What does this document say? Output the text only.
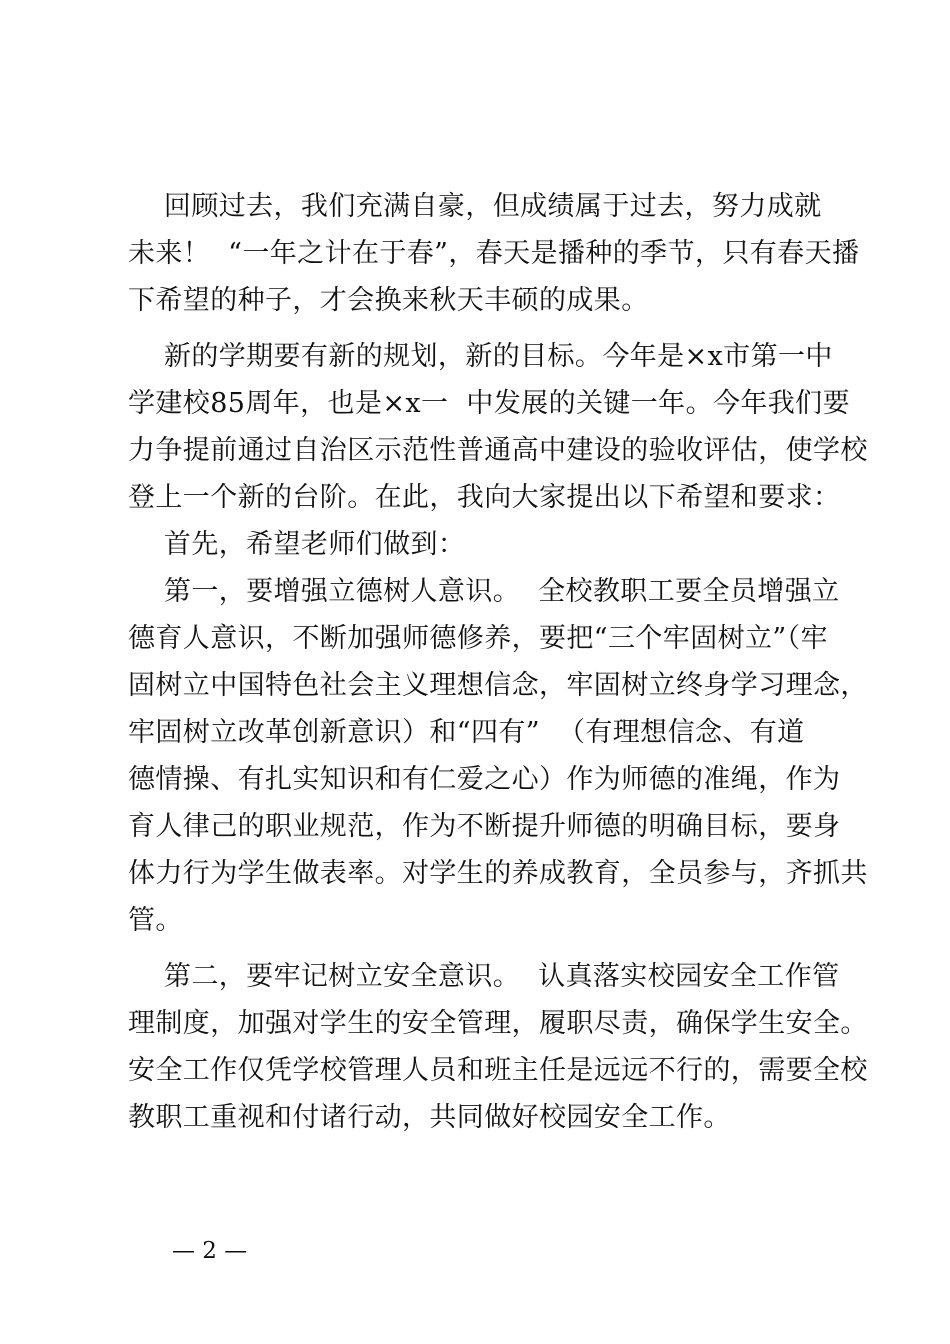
回顾过去，我们充满自豪，但成绩属于过去，努力成就
未来！  “一年之计在于春”，春天是播种的季节，只有春天播
下希望的种子，才会换来秋天丰硕的成果。
新的学期要有新的规划，新的目标。今年是×x市第一中
学建校85周年，也是×x一  中发展的关键一年。今年我们要
力争提前通过自治区示范性普通高中建设的验收评估，使学校
登上一个新的台阶。在此，我向大家提出以下希望和要求：
首先，希望老师们做到：
第一，要增强立德树人意识。  全校教职工要全员增强立
德育人意识，不断加强师德修养，要把“三个牢固树立”（牢
固树立中国特色社会主义理想信念，牢固树立终身学习理念，
牢固树立改革创新意识）和“四有”  （有理想信念、有道
德情操、有扎实知识和有仁爱之心）作为师德的准绳，作为
育人律己的职业规范，作为不断提升师德的明确目标，要身
体力行为学生做表率。对学生的养成教育，全员参与，齐抓共
管。
第二，要牢记树立安全意识。  认真落实校园安全工作管
理制度，加强对学生的安全管理，履职尽责，确保学生安全。
安全工作仅凭学校管理人员和班主任是远远不行的，需要全校
教职工重视和付诸行动，共同做好校园安全工作。
— 2 —
